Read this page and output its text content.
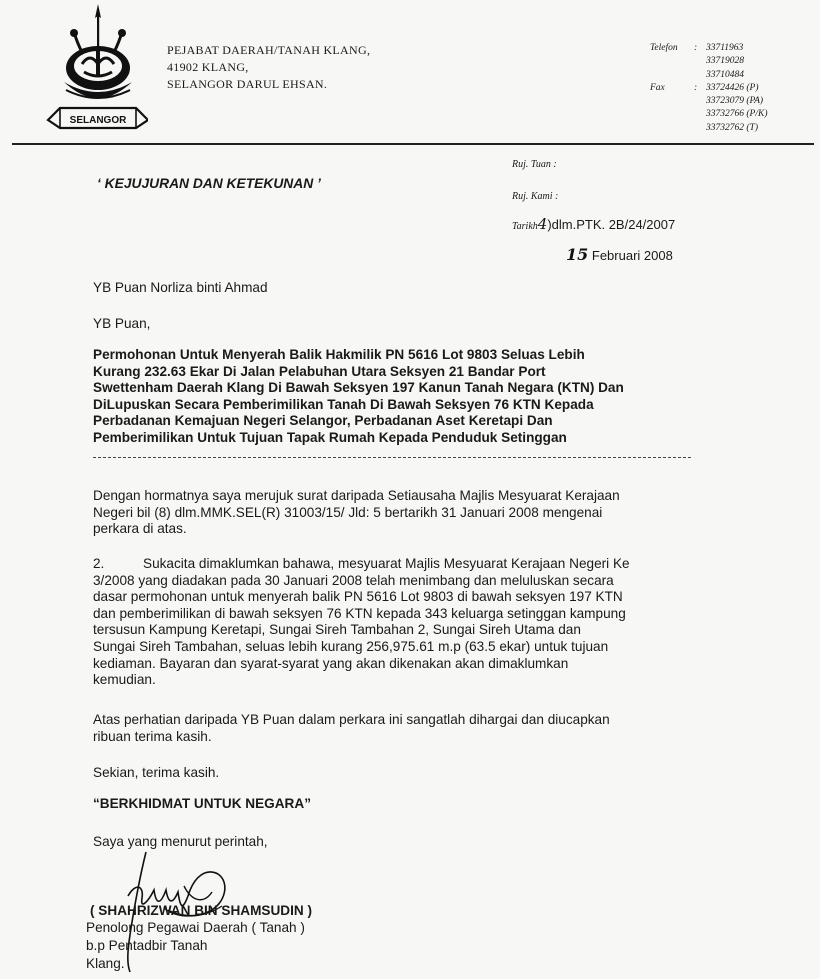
SELANGOR
PEJABAT DAERAH/TANAH KLANG,
41902 KLANG,
SELANGOR DARUL EHSAN.
Telefon	: 33711963
33719028
33710484
Fax	: 33724426 (P)
33723079 (PA)
33732766 (P/K)
33732762 (T)
‘ KEJUJURAN DAN KETEKUNAN ’
Ruj. Tuan :
Ruj. Kami :
Tarikh4)dlm.PTK. 2B/24/2007
15 Februari 2008
YB Puan Norliza binti Ahmad
YB Puan,
Permohonan Untuk Menyerah Balik Hakmilik PN 5616 Lot 9803 Seluas Lebih
Kurang 232.63 Ekar Di Jalan Pelabuhan Utara Seksyen 21 Bandar Port
Swettenham Daerah Klang Di Bawah Seksyen 197 Kanun Tanah Negara (KTN) Dan
DiLupuskan Secara Pemberimilikan Tanah Di Bawah Seksyen 76 KTN Kepada
Perbadanan Kemajuan Negeri Selangor, Perbadanan Aset Keretapi Dan
Pemberimilikan Untuk Tujuan Tapak Rumah Kepada Penduduk Setinggan
Dengan hormatnya saya merujuk surat daripada Setiausaha Majlis Mesyuarat Kerajaan
Negeri bil (8) dlm.MMK.SEL(R) 31003/15/ Jld: 5 bertarikh 31 Januari 2008 mengenai
perkara di atas.
2.	Sukacita dimaklumkan bahawa, mesyuarat Majlis Mesyuarat Kerajaan Negeri Ke
3/2008 yang diadakan pada 30 Januari 2008 telah menimbang dan meluluskan secara
dasar permohonan untuk menyerah balik PN 5616 Lot 9803 di bawah seksyen 197 KTN
dan pemberimilikan di bawah seksyen 76 KTN kepada 343 keluarga setinggan kampung
tersusun Kampung Keretapi, Sungai Sireh Tambahan 2, Sungai Sireh Utama dan
Sungai Sireh Tambahan, seluas lebih kurang 256,975.61 m.p (63.5 ekar) untuk tujuan
kediaman. Bayaran dan syarat-syarat yang akan dikenakan akan dimaklumkan
kemudian.
Atas perhatian daripada YB Puan dalam perkara ini sangatlah dihargai dan diucapkan
ribuan terima kasih.
Sekian, terima kasih.
“BERKHIDMAT UNTUK NEGARA”
Saya yang menurut perintah,
( SHAHRIZWAN BIN SHAMSUDIN )
Penolong Pegawai Daerah ( Tanah )
b.p Pentadbir Tanah
Klang.
